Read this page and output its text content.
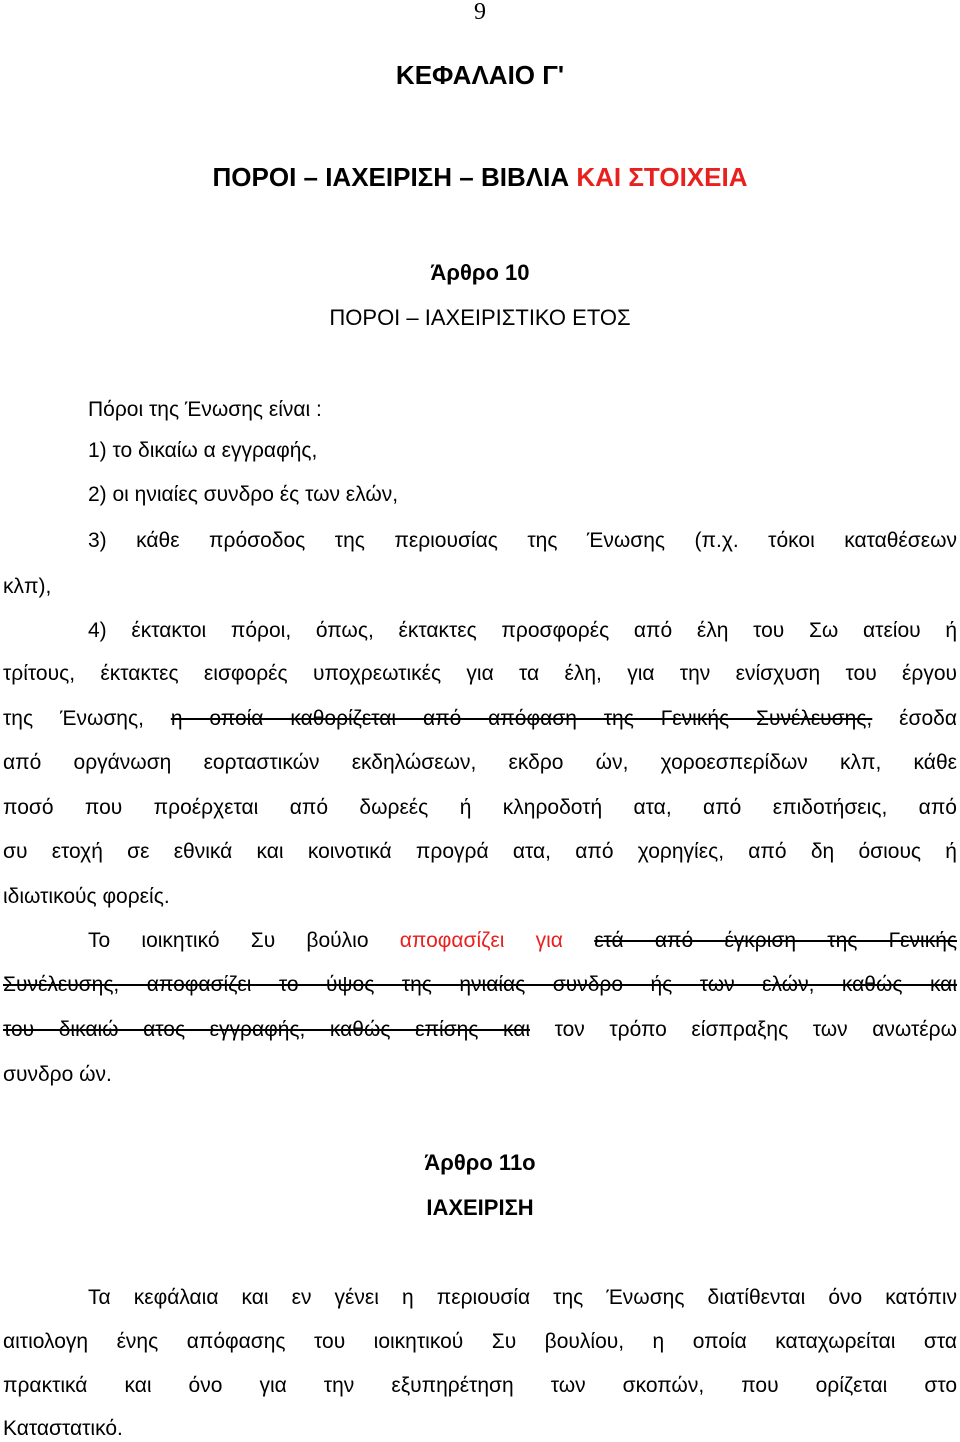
9
ΚΕΦΑΛΑΙΟ Γ'
ΠΟΡΟΙ – ΙΑΧΕΙΡΙΣΗ – ΒΙΒΛΙΑ ΚΑΙ ΣΤΟΙΧΕΙΑ
Άρθρο 10
ΠΟΡΟΙ – ΙΑΧΕΙΡΙΣΤΙΚΟ ΕΤΟΣ
Πόροι της Ένωσης είναι :
1) το δικαίω α εγγραφής,
2) οι ηνιαίες συνδρο ές των ελών,
3) κάθε πρόσοδος της περιουσίας της Ένωσης (π.χ. τόκοι καταθέσεων
κλπ),
4) έκτακτοι πόροι, όπως, έκτακτες προσφορές από έλη του Σω ατείου ή
τρίτους, έκτακτες εισφορές υποχρεωτικές για τα έλη, για την ενίσχυση του έργου
της Ένωσης, η οποία καθορίζεται από απόφαση της Γενικής Συνέλευσης, έσοδα
από οργάνωση εορταστικών εκδηλώσεων, εκδρο ών, χοροεσπερίδων κλπ, κάθε
ποσό που προέρχεται από δωρεές ή κληροδοτή ατα, από επιδοτήσεις, από
συ ετοχή σε εθνικά και κοινοτικά προγρά ατα, από χορηγίες, από δη όσιους ή
ιδιωτικούς φορείς.
Το ιοικητικό Συ βούλιο αποφασίζει για ετά από έγκριση της Γενικής
Συνέλευσης, αποφασίζει το ύψος της ηνιαίας συνδρο ής των ελών, καθώς και
του δικαιώ ατος εγγραφής, καθώς επίσης και τον τρόπο είσπραξης των ανωτέρω
συνδρο ών.
Άρθρο 11ο
ΙΑΧΕΙΡΙΣΗ
Τα κεφάλαια και εν γένει η περιουσία της Ένωσης διατίθενται όνο κατόπιν
αιτιολογη ένης απόφασης του ιοικητικού Συ βουλίου, η οποία καταχωρείται στα
πρακτικά και όνο για την εξυπηρέτηση των σκοπών, που ορίζεται στο
Καταστατικό.
